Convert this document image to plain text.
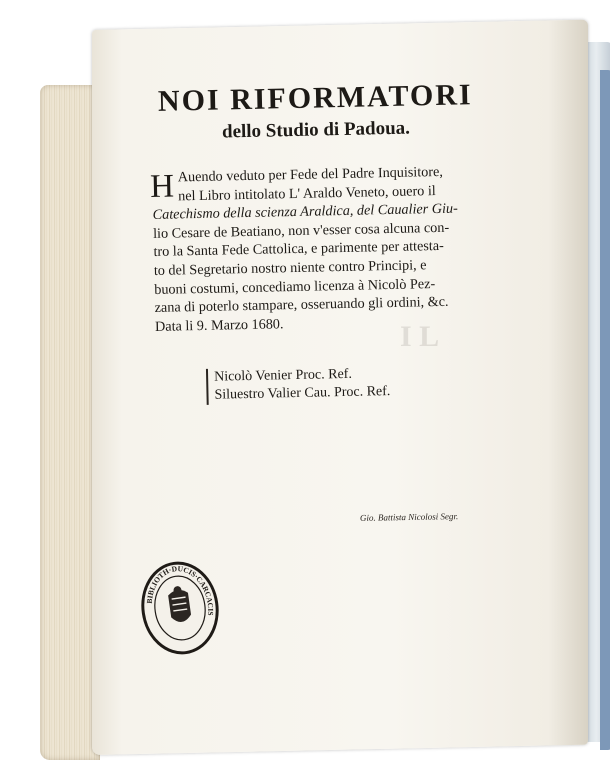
I L
NOI RIFORMATORI
dello Studio di Padoua.
H Auendo veduto per Fede del Padre Inquisitore,
nel Libro intitolato L' Araldo Veneto, ouero il
Catechismo della scienza Araldica, del Caualier Giu-
lio Cesare de Beatiano, non v'esser cosa alcuna con-
tro la Santa Fede Cattolica, e parimente per attesta-
to del Segretario nostro niente contro Principi, e
buoni costumi, concediamo licenza à Nicolò Pez-
zana di poterlo stampare, osseruando gli ordini, &c.
Data li 9. Marzo 1680.
Nicolò Venier Proc. Ref.
Siluestro Valier Cau. Proc. Ref.
Gio. Battista Nicolosi Segr.
BIBLIOTH·DUCIS·CARCACIS
